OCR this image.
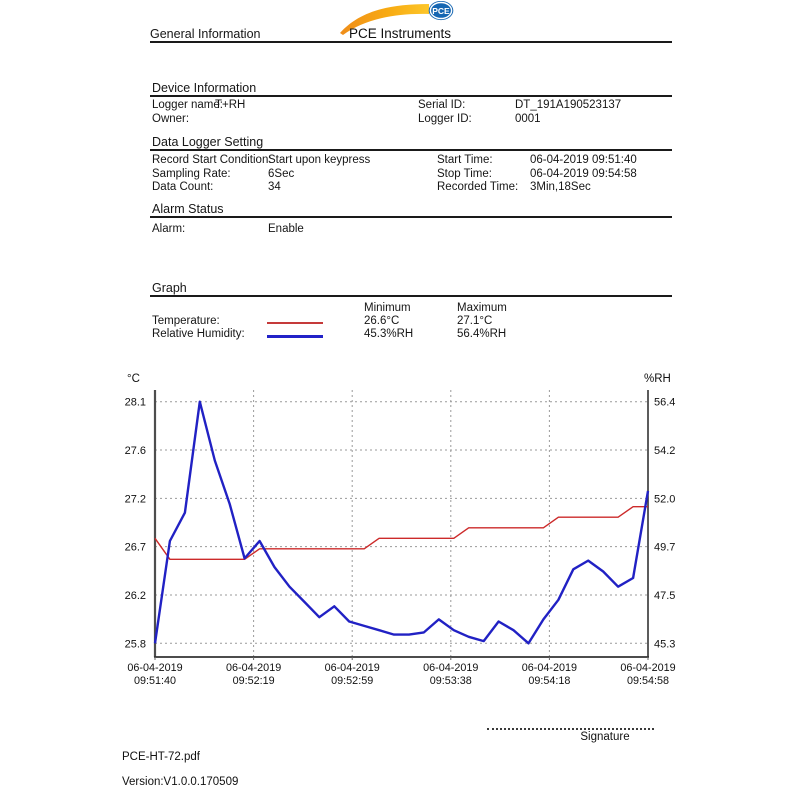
General Information
PCE
PCE Instruments
Device Information
Logger name:
T+RH	Serial ID:	DT_191A190523137
Owner:	Logger ID:	0001
Data Logger Setting
Record Start Condition:
Start upon keypress	Start Time:	06-04-2019 09:51:40
Sampling Rate:	6Sec	Stop Time:	06-04-2019 09:54:58
Data Count:	34	Recorded Time: 3Min,18Sec
Alarm Status
Alarm:	Enable
Graph
Minimum	Maximum
Temperature:	26.6°C	27.1°C
Relative Humidity:	45.3%RH	56.4%RH
28.1
27.6
27.2
26.7
26.2
25.8
56.4
54.2
52.0
49.7
47.5
45.3
°C	%RH
06-04-2019
09:51:40
06-04-2019
09:52:19
06-04-2019
09:52:59
06-04-2019
09:53:38
06-04-2019
09:54:18
06-04-2019
09:54:58
Signature
PCE-HT-72.pdf
Version:V1.0.0.170509
